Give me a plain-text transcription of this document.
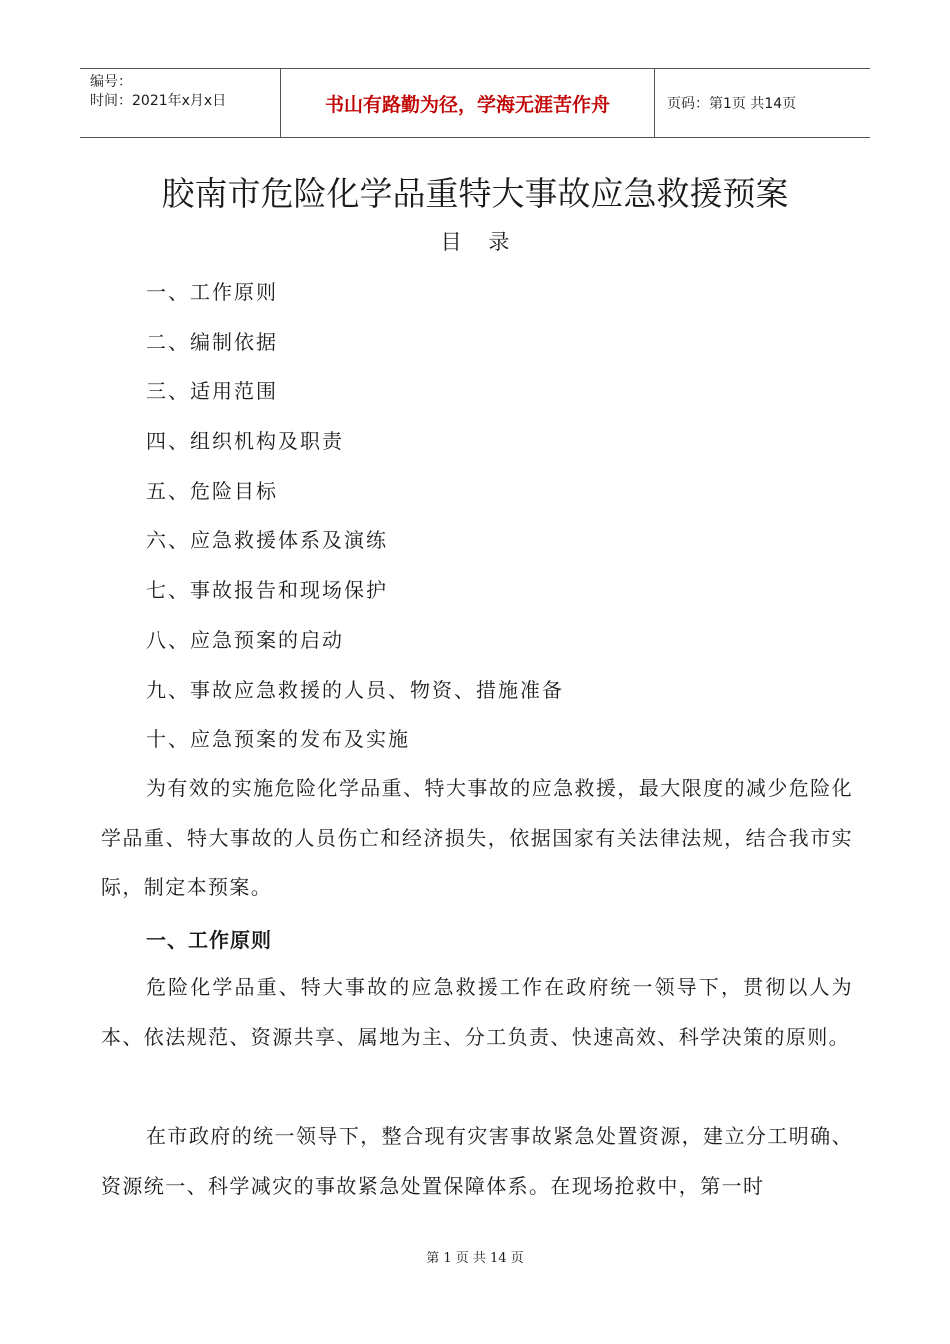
编号：
时间：2021年x月x日	书山有路勤为径，学海无涯苦作舟	页码：第1页 共14页
胶南市危险化学品重特大事故应急救援预案
目    录
一、工作原则
二、编制依据
三、适用范围
四、组织机构及职责
五、危险目标
六、应急救援体系及演练
七、事故报告和现场保护
八、应急预案的启动
九、事故应急救援的人员、物资、措施准备
十、应急预案的发布及实施

为有效的实施危险化学品重、特大事故的应急救援，最大限度的减少危险化学品重、特大事故的人员伤亡和经济损失，依据国家有关法律法规，结合我市实际，制定本预案。

一、工作原则

危险化学品重、特大事故的应急救援工作在政府统一领导下，贯彻以人为本、依法规范、资源共享、属地为主、分工负责、快速高效、科学决策的原则。

在市政府的统一领导下，整合现有灾害事故紧急处置资源，建立分工明确、资源统一、科学减灾的事故紧急处置保障体系。在现场抢救中，第一时

第 1 页 共 14 页
